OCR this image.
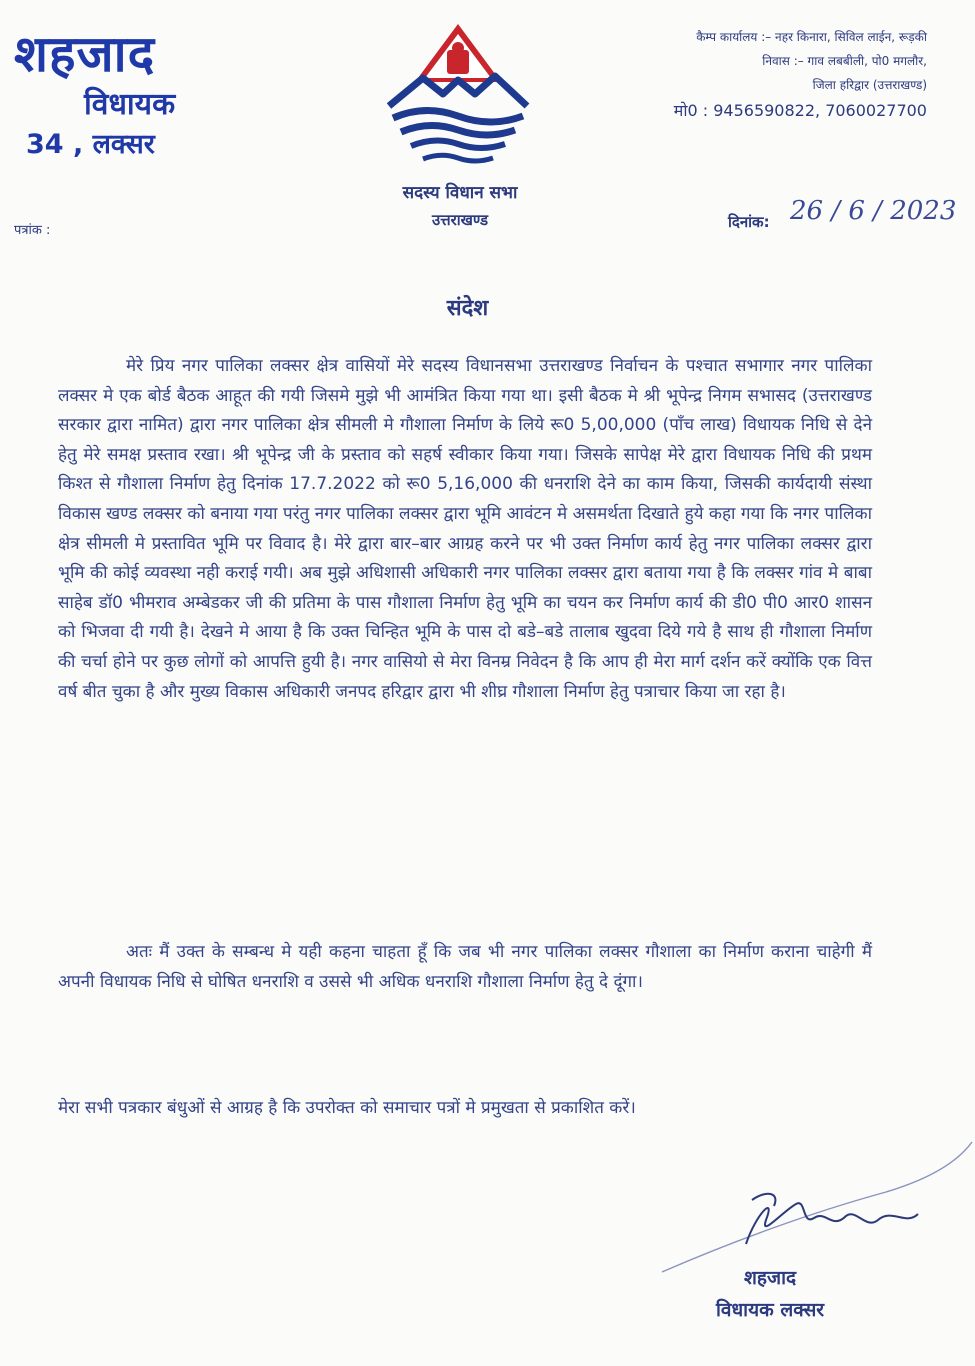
शहजाद
विधायक
34 , लक्सर
पत्रांक :
सदस्य विधान सभा
उत्तराखण्ड
कैम्प कार्यालय :– नहर किनारा, सिविल लाईन, रूड़की
निवास :– गाव लबबीली, पो0 मगलौर,
जिला हरिद्वार (उत्तराखण्ड)
मो0 : 9456590822, 7060027700
दिनांक: 26 / 6 / 2023
संदेश

मेरे प्रिय नगर पालिका लक्सर क्षेत्र वासियों मेरे सदस्य विधानसभा उत्तराखण्ड निर्वाचन के पश्चात सभागार नगर पालिका लक्सर मे एक बोर्ड बैठक आहूत की गयी जिसमे मुझे भी आमंत्रित किया गया था। इसी बैठक मे श्री भूपेन्द्र निगम सभासद (उत्तराखण्ड सरकार द्वारा नामित) द्वारा नगर पालिका क्षेत्र सीमली मे गौशाला निर्माण के लिये रू0 5,00,000 (पाँच लाख) विधायक निधि से देने हेतु मेरे समक्ष प्रस्ताव रखा। श्री भूपेन्द्र जी के प्रस्ताव को सहर्ष स्वीकार किया गया। जिसके सापेक्ष मेरे द्वारा विधायक निधि की प्रथम किश्त से गौशाला निर्माण हेतु दिनांक 17.7.2022 को रू0 5,16,000 की धनराशि देने का काम किया, जिसकी कार्यदायी संस्था विकास खण्ड लक्सर को बनाया गया परंतु नगर पालिका लक्सर द्वारा भूमि आवंटन मे असमर्थता दिखाते हुये कहा गया कि नगर पालिका क्षेत्र सीमली मे प्रस्तावित भूमि पर विवाद है। मेरे द्वारा बार–बार आग्रह करने पर भी उक्त निर्माण कार्य हेतु नगर पालिका लक्सर द्वारा भूमि की कोई व्यवस्था नही कराई गयी। अब मुझे अधिशासी अधिकारी नगर पालिका लक्सर द्वारा बताया गया है कि लक्सर गांव मे बाबा साहेब डॉ0 भीमराव अम्बेडकर जी की प्रतिमा के पास गौशाला निर्माण हेतु भूमि का चयन कर निर्माण कार्य की डी0 पी0 आर0 शासन को भिजवा दी गयी है। देखने मे आया है कि उक्त चिन्हित भूमि के पास दो बडे–बडे तालाब खुदवा दिये गये है साथ ही गौशाला निर्माण की चर्चा होने पर कुछ लोगों को आपत्ति हुयी है। नगर वासियो से मेरा विनम्र निवेदन है कि आप ही मेरा मार्ग दर्शन करें क्योंकि एक वित्त वर्ष बीत चुका है और मुख्य विकास अधिकारी जनपद हरिद्वार द्वारा भी शीघ्र गौशाला निर्माण हेतु पत्राचार किया जा रहा है।

अतः मैं उक्त के सम्बन्ध मे यही कहना चाहता हूँ कि जब भी नगर पालिका लक्सर गौशाला का निर्माण कराना चाहेगी मैं अपनी विधायक निधि से घोषित धनराशि व उससे भी अधिक धनराशि गौशाला निर्माण हेतु दे दूंगा।

मेरा सभी पत्रकार बंधुओं से आग्रह है कि उपरोक्त को समाचार पत्रों मे प्रमुखता से प्रकाशित करें।

शहजाद
विधायक लक्सर
